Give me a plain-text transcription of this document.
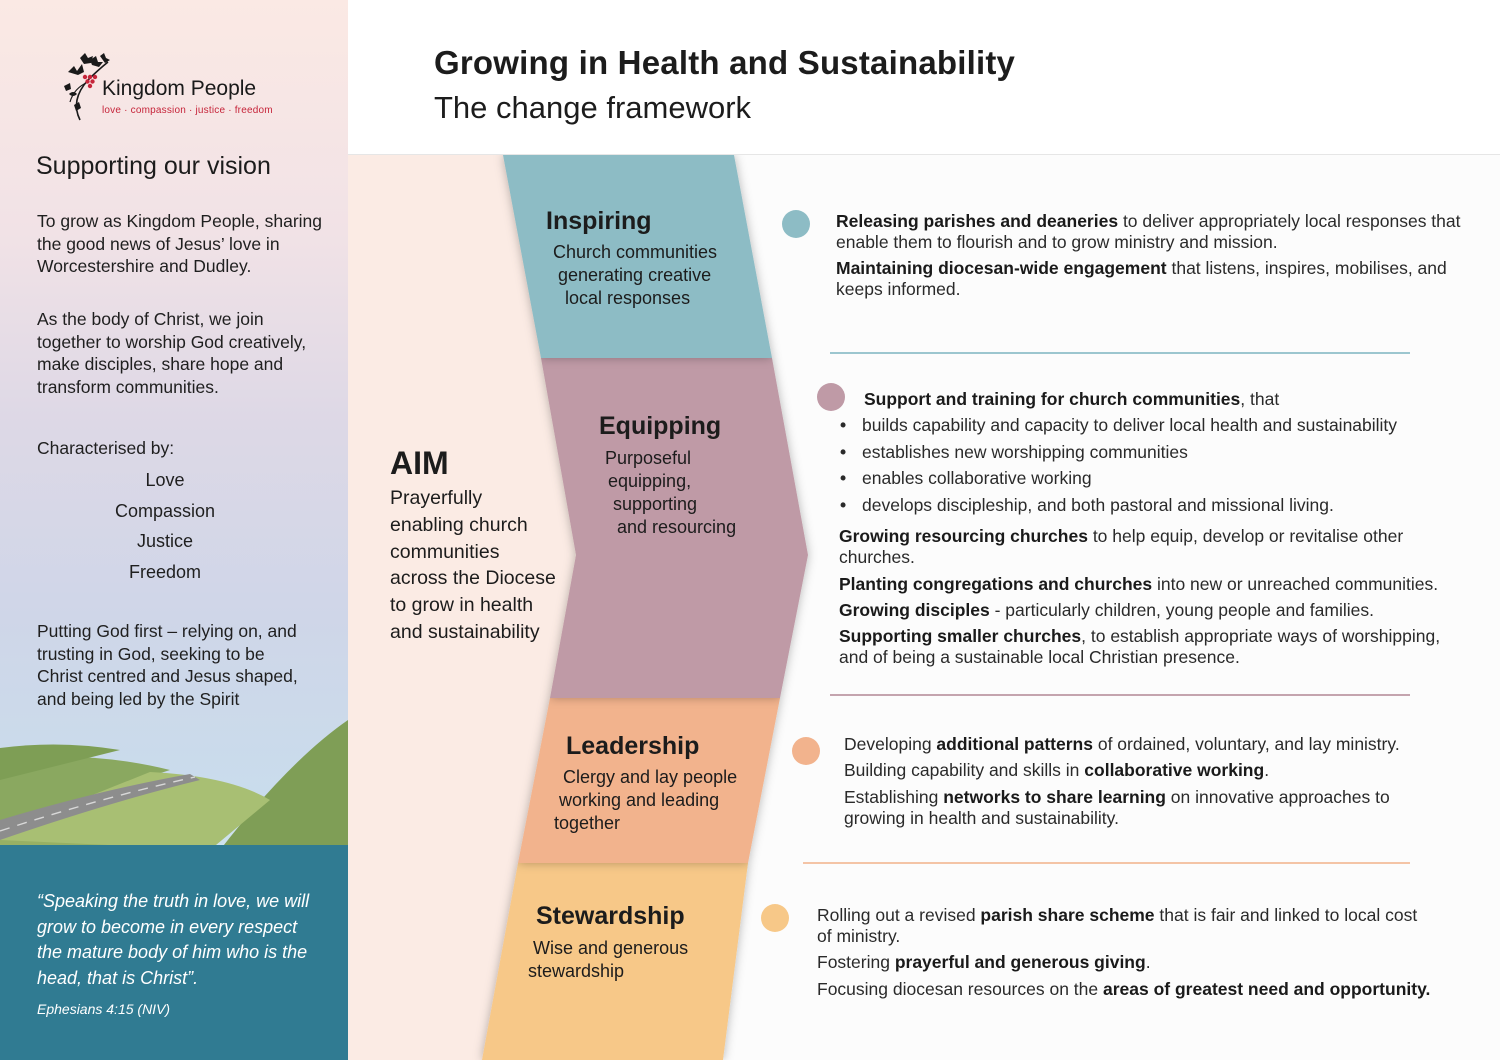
Kingdom People
love · compassion · justice · freedom
Supporting our vision
To grow as Kingdom People, sharing the good news of Jesus’ love in Worcestershire and Dudley.
As the body of Christ, we join together to worship God creatively, make disciples, share hope and transform communities.
Characterised by:
Love
Compassion
Justice
Freedom
Putting God first – relying on, and trusting in God, seeking to be Christ centred and Jesus shaped, and being led by the Spirit
“Speaking the truth in love, we will grow to become in every respect the mature body of him who is the head, that is Christ”.
Ephesians 4:15 (NIV)
Growing in Health and Sustainability
The change framework
AIM
Prayerfully enabling church communities across the Diocese to grow in health and sustainability
Inspiring
Church communities
generating creative
local responses
Equipping
Purposeful
equipping,
supporting
and resourcing
Leadership
Clergy and lay people
working and leading
together
Stewardship
Wise and generous
stewardship
Releasing parishes and deaneries to deliver appropriately local responses that enable them to flourish and to grow ministry and mission.
Maintaining diocesan-wide engagement that listens, inspires, mobilises, and keeps informed.
Support and training for church communities, that
• builds capability and capacity to deliver local health and sustainability
• establishes new worshipping communities
• enables collaborative working
• develops discipleship, and both pastoral and missional living.
Growing resourcing churches to help equip, develop or revitalise other churches.
Planting congregations and churches into new or unreached communities.
Growing disciples - particularly children, young people and families.
Supporting smaller churches, to establish appropriate ways of worshipping, and of being a sustainable local Christian presence.
Developing additional patterns of ordained, voluntary, and lay ministry.
Building capability and skills in collaborative working.
Establishing networks to share learning on innovative approaches to growing in health and sustainability.
Rolling out a revised parish share scheme that is fair and linked to local cost of ministry.
Fostering prayerful and generous giving.
Focusing diocesan resources on the areas of greatest need and opportunity.
